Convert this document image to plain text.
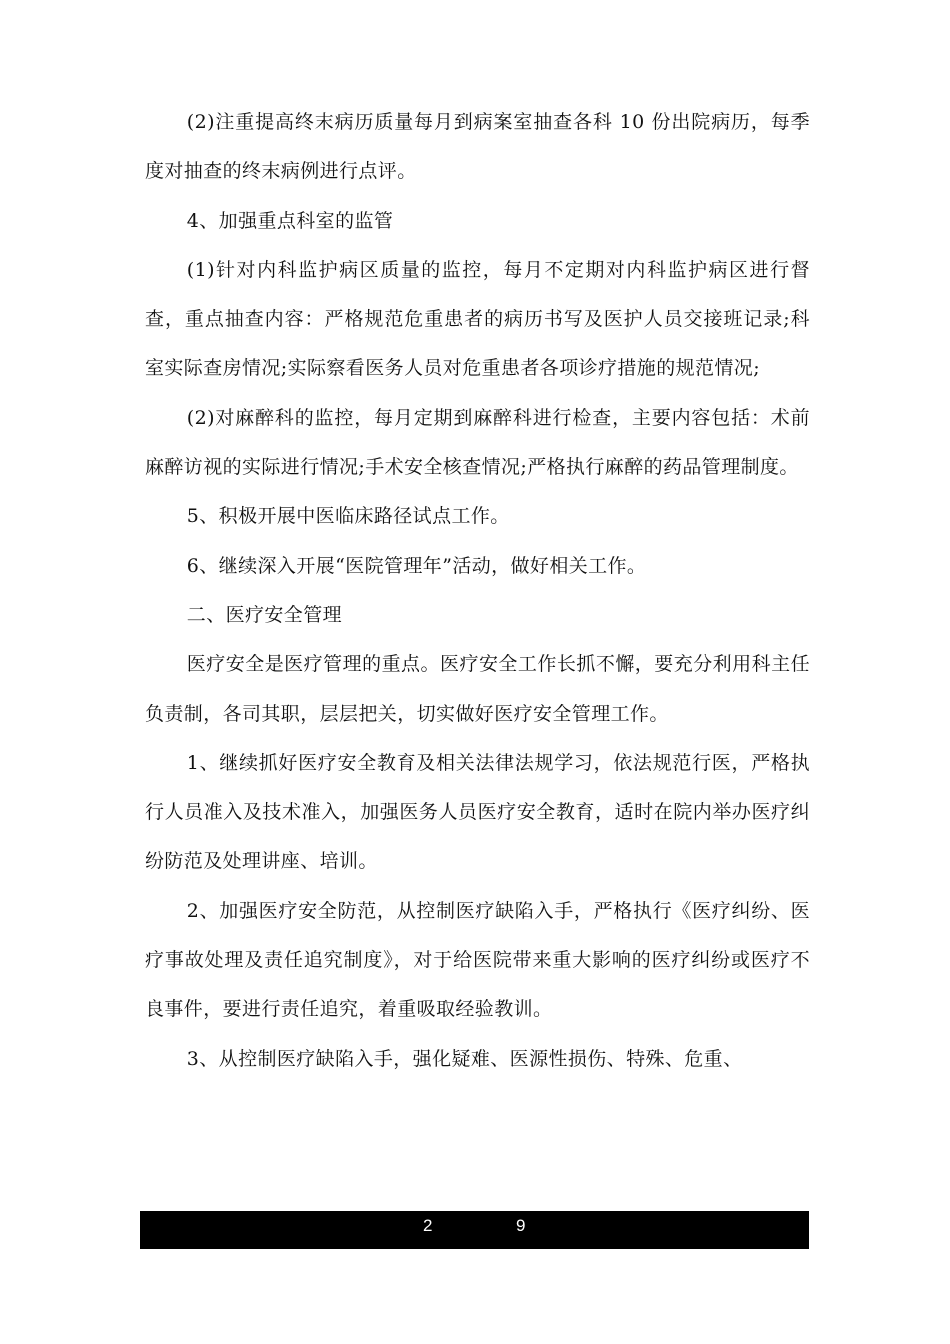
(2)注重提高终末病历质量每月到病案室抽查各科 10 份出院病历，每季度对抽查的终末病例进行点评。

4、加强重点科室的监管

(1)针对内科监护病区质量的监控，每月不定期对内科监护病区进行督查，重点抽查内容：严格规范危重患者的病历书写及医护人员交接班记录;科室实际查房情况;实际察看医务人员对危重患者各项诊疗措施的规范情况;

(2)对麻醉科的监控，每月定期到麻醉科进行检查，主要内容包括：术前麻醉访视的实际进行情况;手术安全核查情况;严格执行麻醉的药品管理制度。

5、积极开展中医临床路径试点工作。

6、继续深入开展“医院管理年”活动，做好相关工作。

二、医疗安全管理

医疗安全是医疗管理的重点。医疗安全工作长抓不懈，要充分利用科主任负责制，各司其职，层层把关，切实做好医疗安全管理工作。

1、继续抓好医疗安全教育及相关法律法规学习，依法规范行医，严格执行人员准入及技术准入，加强医务人员医疗安全教育，适时在院内举办医疗纠纷防范及处理讲座、培训。

2、加强医疗安全防范，从控制医疗缺陷入手，严格执行《医疗纠纷、医疗事故处理及责任追究制度》，对于给医院带来重大影响的医疗纠纷或医疗不良事件，要进行责任追究，着重吸取经验教训。

3、从控制医疗缺陷入手，强化疑难、医源性损伤、特殊、危重、

2	9
